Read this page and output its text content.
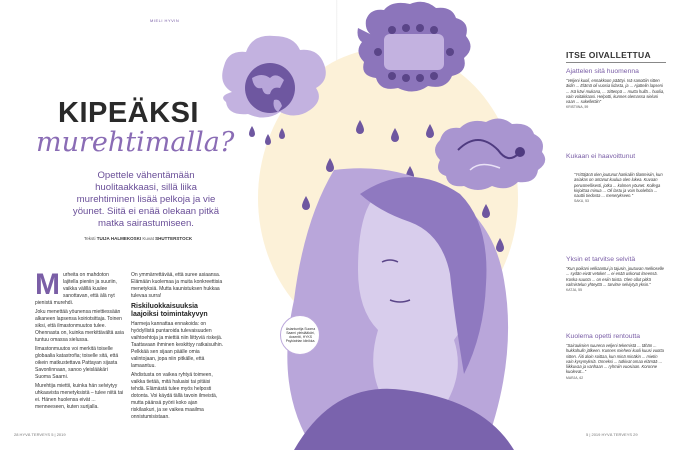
MIELI HYVIN
KIPEÄKSI
murehtimalla?
Opettele vähentämään huolitaakkaasi, sillä liika murehtiminen lisää pelkoja ja vie yöunet. Siitä ei enää olekaan pitkä matka sairastumiseen.
Teksti TUIJA HALMEKOSKI Kuvat SHUTTERSTOCK
M urheita on mahdoton lajitella pieniin ja suuriin, vaikka välillä kuulee sanottavan, että älä nyt pienistä murehdi.

Joku menettää yöunensa miettiessään alkaneen lapsensa koiriotsittaja. Toinen siksi, että ilmastonmuutos tulee. Ohennasta on, kuinka merkittävältä asia tuntuu omassa sielussa.

Ilmastonmuutos voi merkitä toiselle globaalia katastrofia; toiselle sitä, että oikein matkustettava Pattayan sijasta Savonlinnaan, sanoo yleislääkäri Suoma Saarni.

Murehtija miettii, kuinka hän selviytyy uhkaavista menetyksistä – tulee niitä tai ei. Hänen huolensa eivät ... menneeseen, kuten surijalla.

On ymmärrettävää, että suree asiaansa. Elämään kuolemaa ja muita konkreettisia menetyksiä. Mutta kaunistuksen hukkaa tulevaa surra!

Riskiluokkaisuuksia laajoiksi toimintakyvyn

Harmeja kannattaa ennakoida: on hyödyllistä puntaroida tulevaisuuden vaihtoehtoja ja miettiä niin liittyviä riskejä. Taattavaan ihminen keskittyy ratkaisuihin. Pelkkää sen sijaan päälle omia valintojaan, jopa niin pitkälle, että lamaantuu.

Ahdistusta on vaikea ryhtyä toimeen, vaikka tietää, mitä haluaisi tai pitäisi tehdä. Elämästä tulee myös helposti dotonta. Voi käydä tällä tavoin ilmeistä, mutta päänsä pyörii koko ajan riskilaskuri, ja se vaikea maailma onnistumisistaan.

Asiantuntija Suoma Saarni yleislääkäri, dosentti, HYKS Psykiatrian klinikka.
ITSE OIVALLETTUA
Ajattelen sitä huomenna
"Veljeni kuoli, ennakkoon päättyi. Isä sanottiin sitten äidin ... Elämä oli vuosia lidasta, ja ... Ajattelin lapseni ... Isä kävi mukana, ... Sittenpä ... mutta hullä... huolia, vain voitakkaasi. Helpotti, kunnes olemassa sieluni vaan ... sukellettiin"
KRISTIINA, 59
Kukaan ei haavoittunut
"Yrittäjänä olen joutunut hankaliin tilanteisiin, kun asiakas on antanut kuulua olen lukea. Kuvaan perusteellisesti, jotka ... kolmen yöunet. Kollega kirjoittaa minua ... Oli lastu ja voin huolehtia ... nauttii tiedosta ... menetykseen."
SAKU, 53
Yksin et tarvitse selvitä
"Kun poikani velkaantui ja tajusin, joutuvan melkoselle ... sydän eivät vetoket ... ei enää uskonut itseensä. Koska suunta ... on esiin toista. Olen ollut pitkä valmistelun yhteyttä ... tarvitse selviytyä yksin."
KATJA, 55
Kuolema opetti rentoutta
"Sairauksien suurena veljeni tekemistä ... tähän ... hukkahulin jälkeen. Kunnes mieheni kuoli kuusi vuotta sitten. Äiti aloin soittaa, kun minä minäkin ... mietin vain kysymyksiä. Onneksi ... tutkivat omaa elämää ... liikkuvaa ja vanhaan ... ryhmiin vuosiaan. Koronne kuolevat..."
MARJA, 62
28 HYVÄ TERVEYS 5 | 2019	5 | 2019 HYVÄ TERVEYS 29
